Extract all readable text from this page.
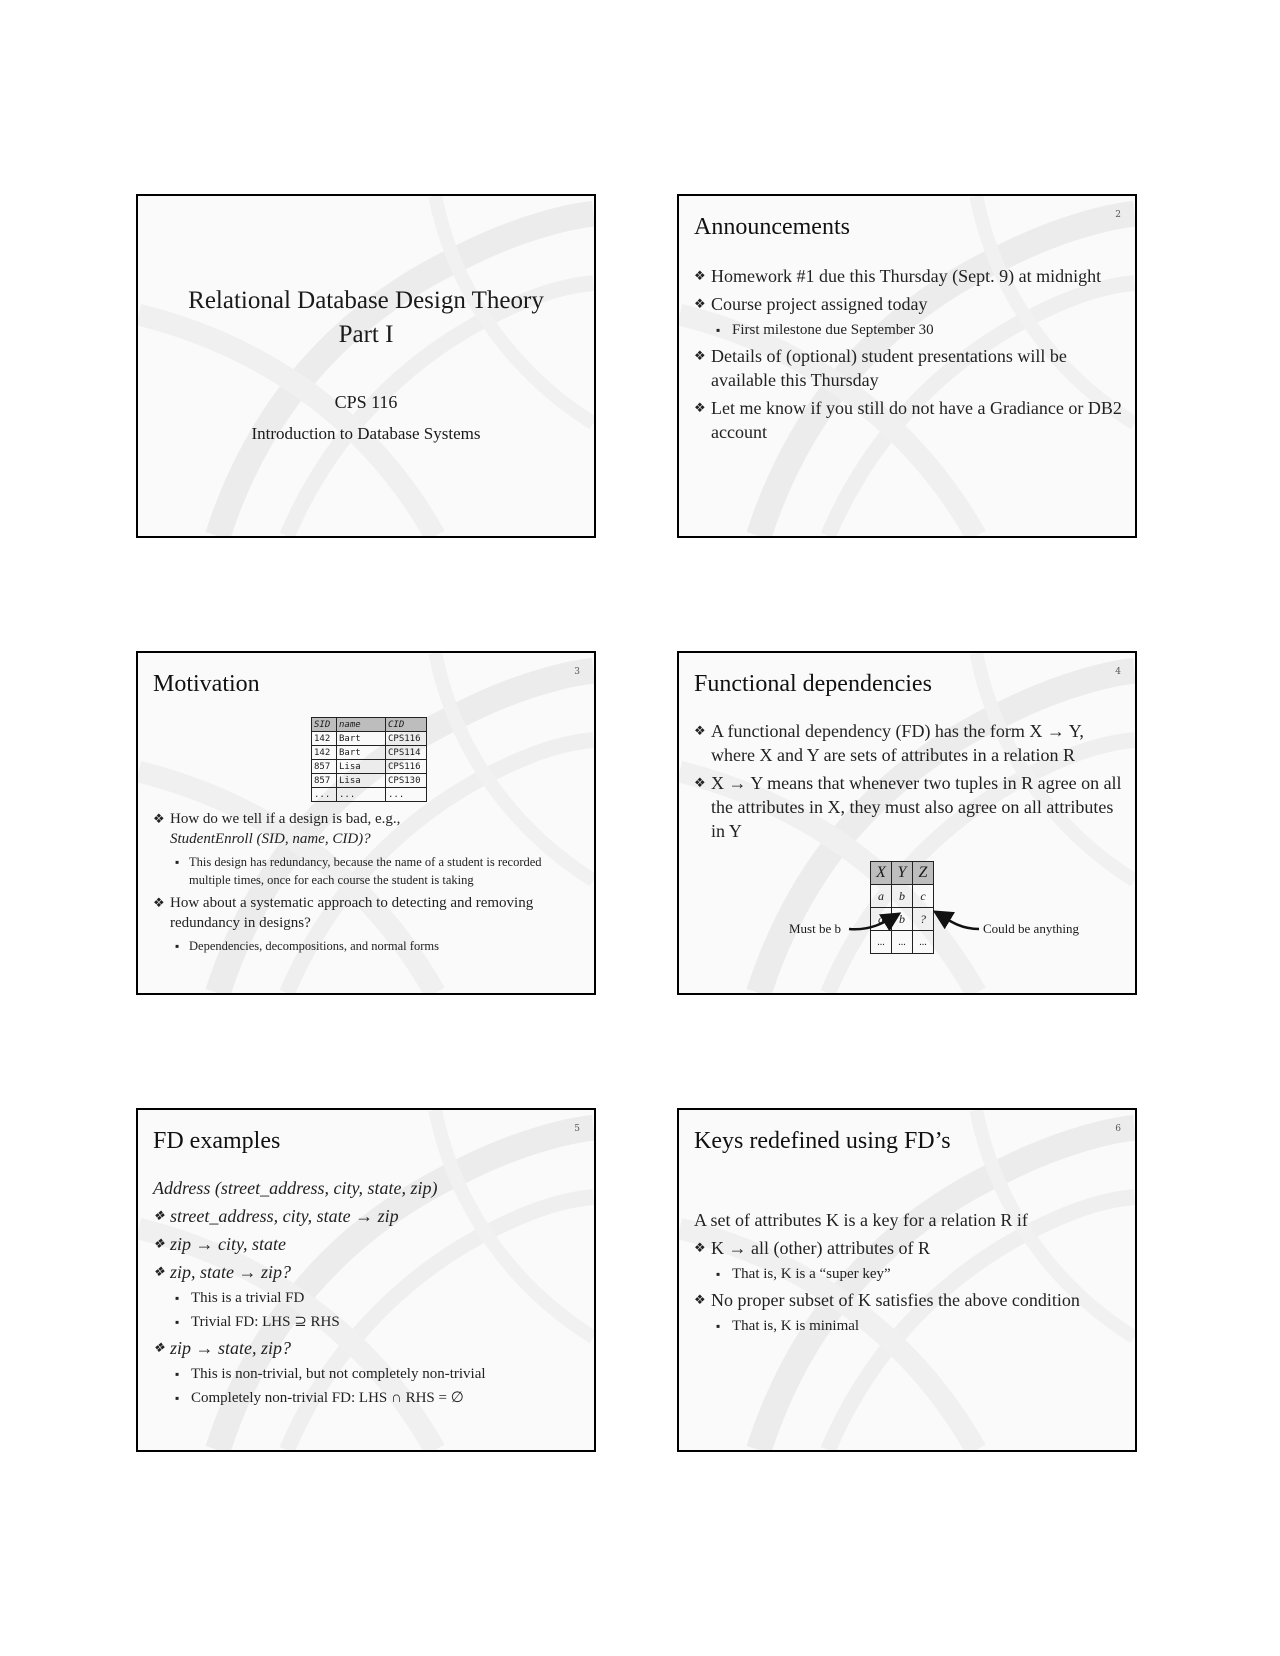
Relational Database Design Theory
Part I
CPS 116
Introduction to Database Systems
2
Announcements
❖ Homework #1 due this Thursday (Sept. 9) at midnight
❖ Course project assigned today
▪ First milestone due September 30
❖ Details of (optional) student presentations will be available this Thursday
❖ Let me know if you still do not have a Gradiance or DB2 account
3
Motivation
SID	name	CID
142	Bart	CPS116
142	Bart	CPS114
857	Lisa	CPS116
857	Lisa	CPS130
...	...	...
❖ How do we tell if a design is bad, e.g.,
StudentEnroll (SID, name, CID)?
▪ This design has redundancy, because the name of a student is recorded multiple times, once for each course the student is taking
❖ How about a systematic approach to detecting and removing redundancy in designs?
▪ Dependencies, decompositions, and normal forms
4
Functional dependencies
❖ A functional dependency (FD) has the form X → Y, where X and Y are sets of attributes in a relation R
❖ X → Y means that whenever two tuples in R agree on all the attributes in X, they must also agree on all attributes in Y
X	Y	Z
a	b	c
a	b	?
...	...	...
Must be b	Could be anything
5
FD examples
Address (street_address, city, state, zip)
❖ street_address, city, state → zip
❖ zip → city, state
❖ zip, state → zip?
▪ This is a trivial FD
▪ Trivial FD: LHS ⊇ RHS
❖ zip → state, zip?
▪ This is non-trivial, but not completely non-trivial
▪ Completely non-trivial FD: LHS ∩ RHS = ∅
6
Keys redefined using FD’s
A set of attributes K is a key for a relation R if
❖ K → all (other) attributes of R
▪ That is, K is a “super key”
❖ No proper subset of K satisfies the above condition
▪ That is, K is minimal
